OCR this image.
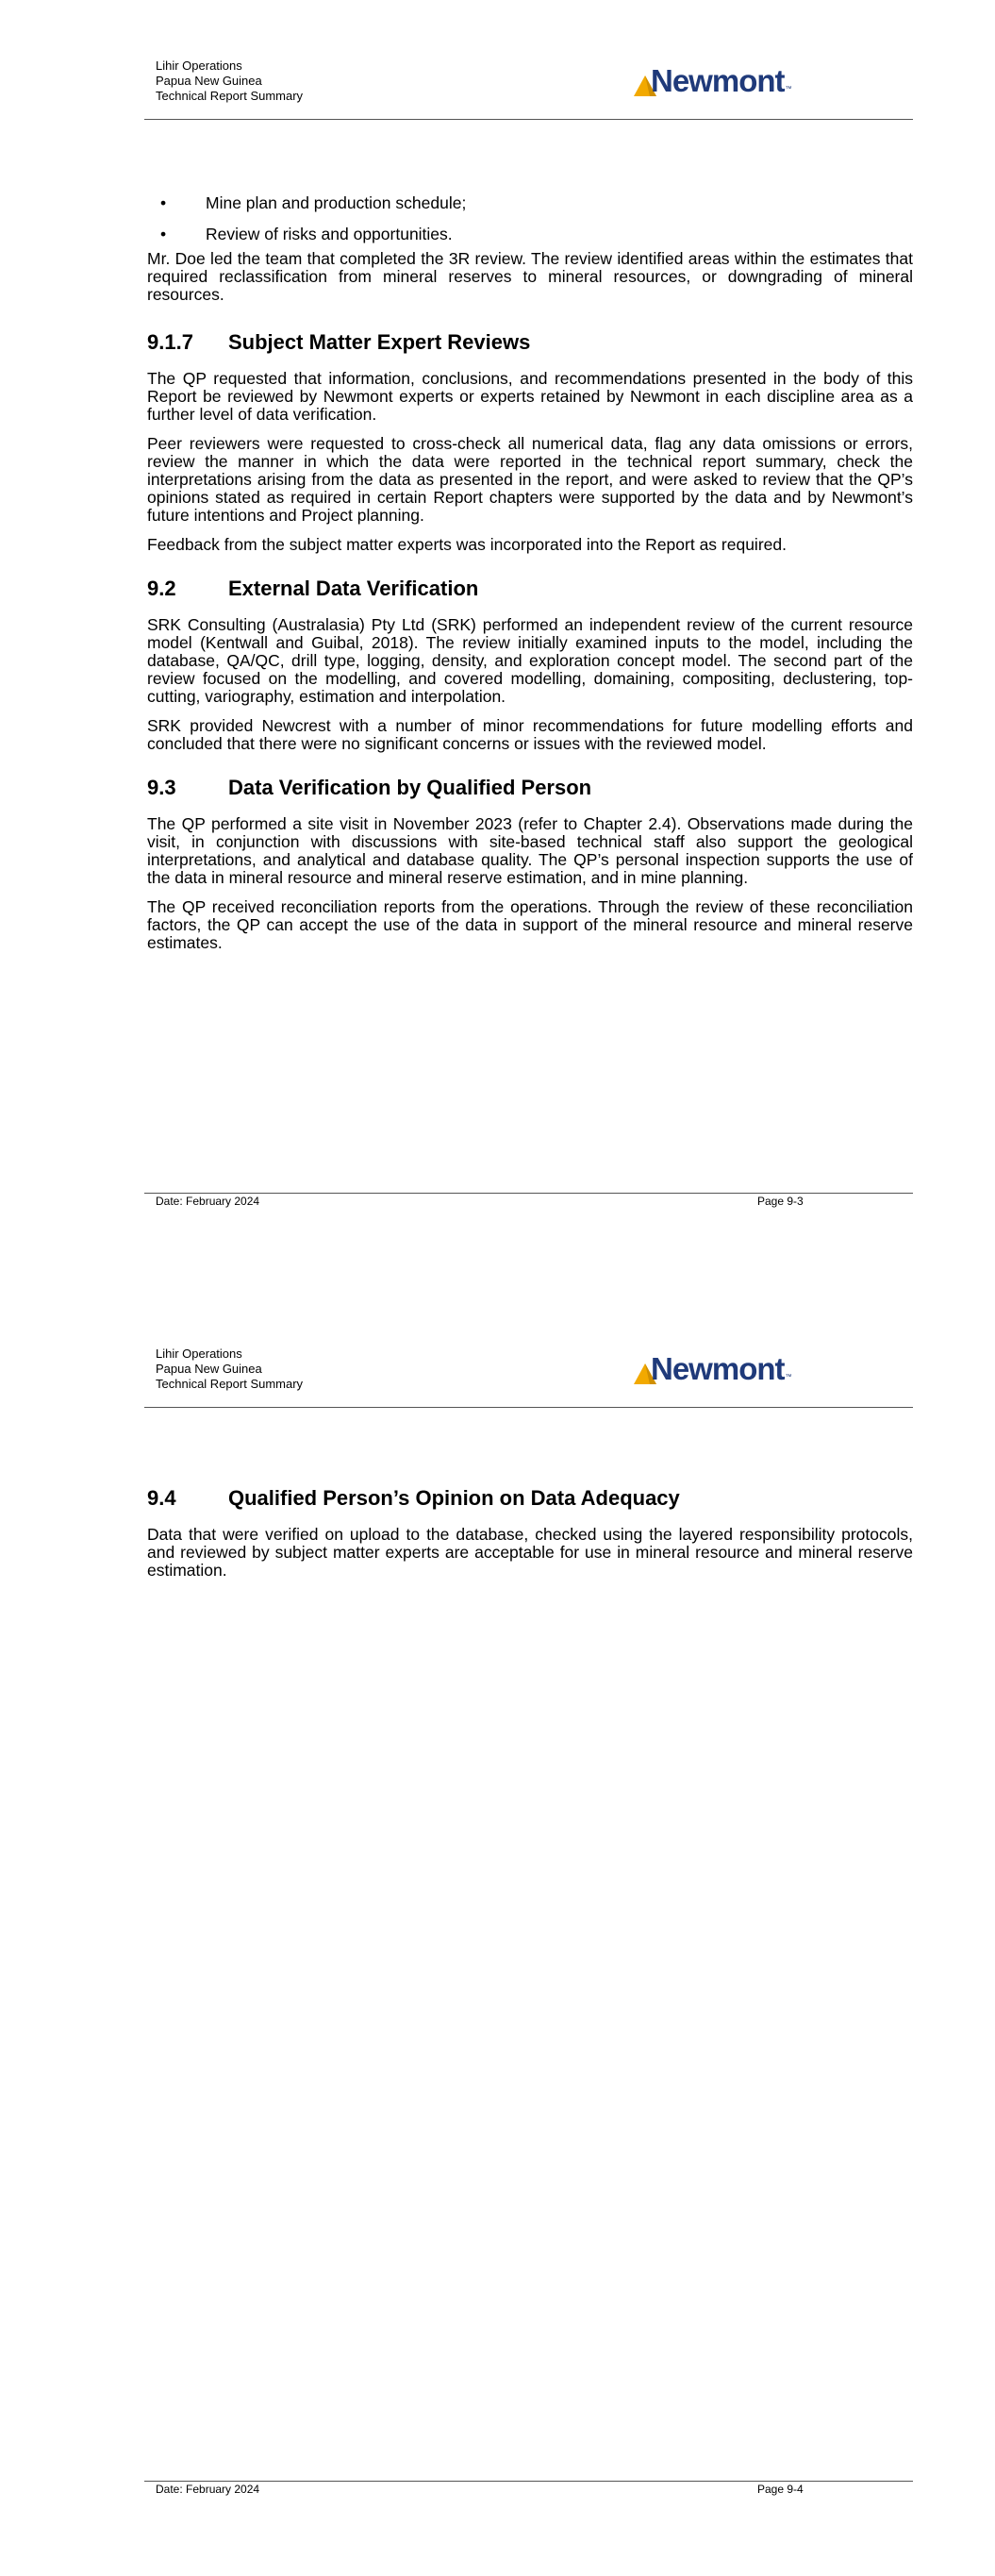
Lihir Operations
Papua New Guinea
Technical Report Summary	Newmont ™
• Mine plan and production schedule;
• Review of risks and opportunities.

Mr. Doe led the team that completed the 3R review. The review identified areas within the estimates that required reclassification from mineral reserves to mineral resources, or downgrading of mineral resources.

9.1.7	Subject Matter Expert Reviews

The QP requested that information, conclusions, and recommendations presented in the body of this Report be reviewed by Newmont experts or experts retained by Newmont in each discipline area as a further level of data verification.

Peer reviewers were requested to cross-check all numerical data, flag any data omissions or errors, review the manner in which the data were reported in the technical report summary, check the interpretations arising from the data as presented in the report, and were asked to review that the QP’s opinions stated as required in certain Report chapters were supported by the data and by Newmont’s future intentions and Project planning.

Feedback from the subject matter experts was incorporated into the Report as required.

9.2	External Data Verification

SRK Consulting (Australasia) Pty Ltd (SRK) performed an independent review of the current resource model (Kentwall and Guibal, 2018). The review initially examined inputs to the model, including the database, QA/QC, drill type, logging, density, and exploration concept model. The second part of the review focused on the modelling, and covered modelling, domaining, compositing, declustering, top-cutting, variography, estimation and interpolation.

SRK provided Newcrest with a number of minor recommendations for future modelling efforts and concluded that there were no significant concerns or issues with the reviewed model.

9.3	Data Verification by Qualified Person

The QP performed a site visit in November 2023 (refer to Chapter 2.4). Observations made during the visit, in conjunction with discussions with site-based technical staff also support the geological interpretations, and analytical and database quality. The QP’s personal inspection supports the use of the data in mineral resource and mineral reserve estimation, and in mine planning.

The QP received reconciliation reports from the operations. Through the review of these reconciliation factors, the QP can accept the use of the data in support of the mineral resource and mineral reserve estimates.

Date: February 2024	Page 9-3
Lihir Operations
Papua New Guinea
Technical Report Summary	Newmont ™
9.4	Qualified Person’s Opinion on Data Adequacy

Data that were verified on upload to the database, checked using the layered responsibility protocols, and reviewed by subject matter experts are acceptable for use in mineral resource and mineral reserve estimation.

Date: February 2024	Page 9-4
